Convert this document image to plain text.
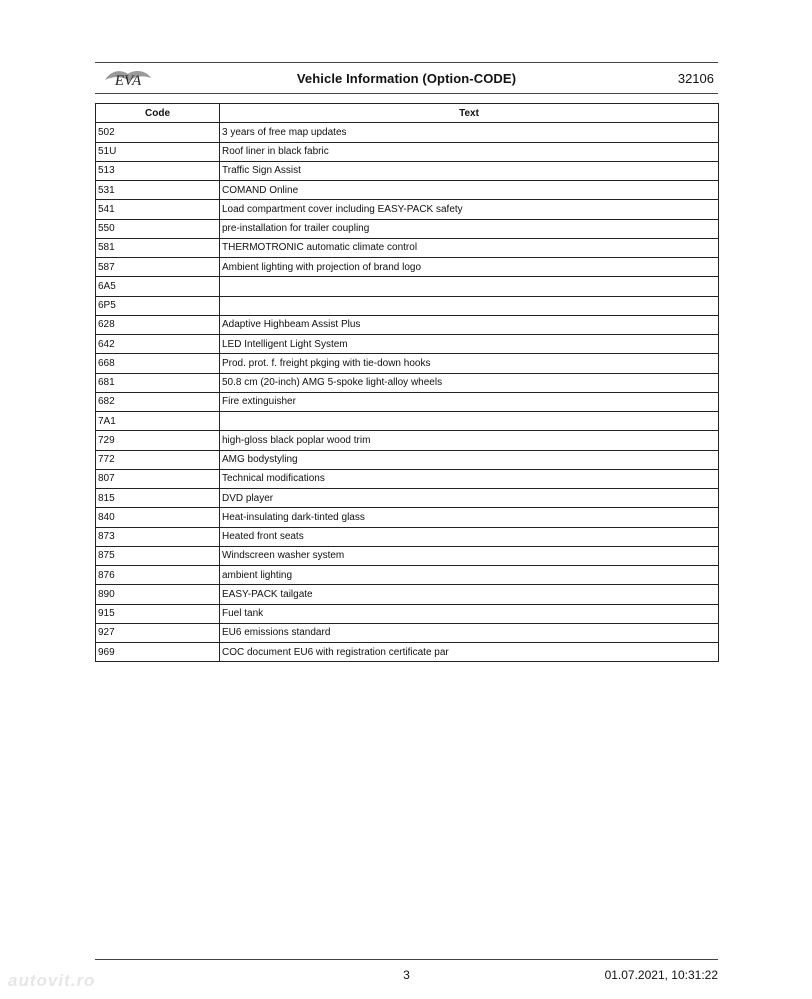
EVA	Vehicle Information (Option-CODE)	32106
Code	Text
502	3 years of free map updates
51U	Roof liner in black fabric
513	Traffic Sign Assist
531	COMAND Online
541	Load compartment cover including EASY-PACK safety
550	pre-installation for trailer coupling
581	THERMOTRONIC automatic climate control
587	Ambient lighting with projection of brand logo
6A5	
6P5	
628	Adaptive Highbeam Assist Plus
642	LED Intelligent Light System
668	Prod. prot. f. freight pkging with tie-down hooks
681	50.8 cm (20-inch) AMG 5-spoke light-alloy wheels
682	Fire extinguisher
7A1	
729	high-gloss black poplar wood trim
772	AMG bodystyling
807	Technical modifications
815	DVD player
840	Heat-insulating dark-tinted glass
873	Heated front seats
875	Windscreen washer system
876	ambient lighting
890	EASY-PACK tailgate
915	Fuel tank
927	EU6 emissions standard
969	COC document EU6 with registration certificate par
3	01.07.2021, 10:31:22
autovit.ro
